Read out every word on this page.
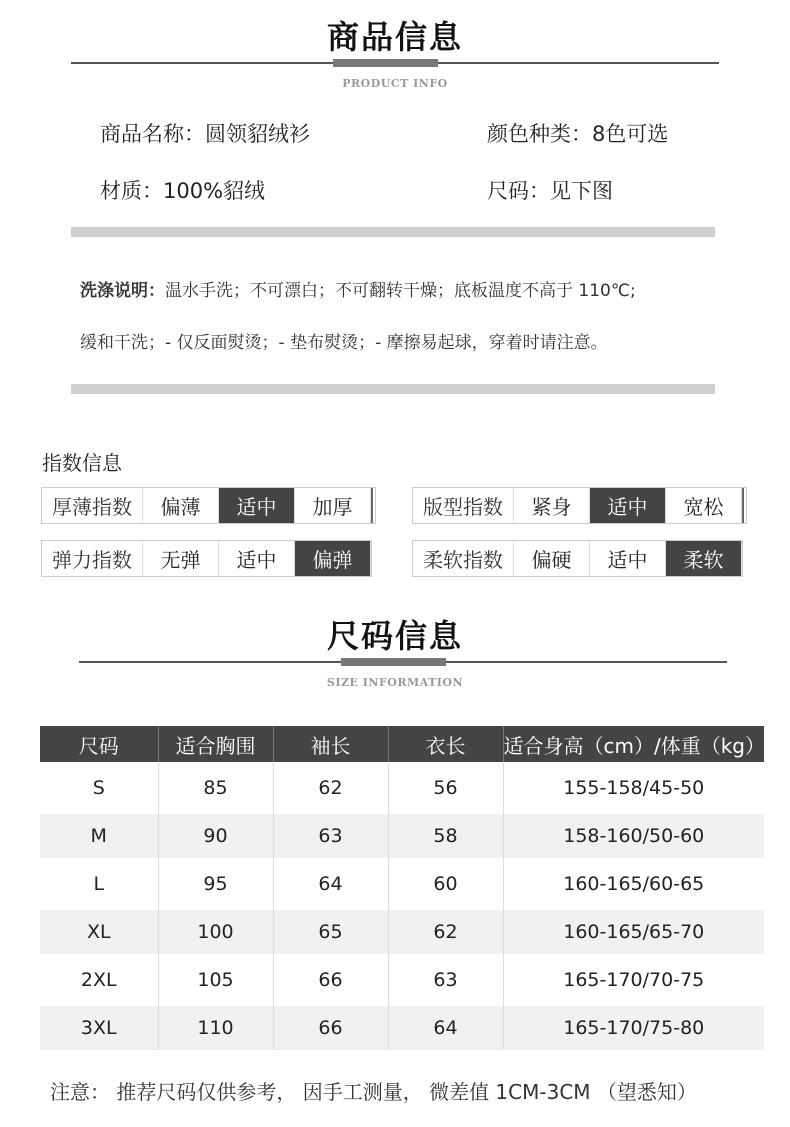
商品信息
PRODUCT INFO
商品名称：圆领貂绒衫	颜色种类：8色可选
材质：100%貂绒	尺码：见下图
洗涤说明：温水手洗；不可漂白；不可翻转干燥；底板温度不高于 110℃;
缓和干洗；- 仅反面熨烫；- 垫布熨烫；- 摩擦易起球，穿着时请注意。
指数信息
厚薄指数	偏薄	适中	加厚	版型指数	紧身	适中	宽松
弹力指数	无弹	适中	偏弹	柔软指数	偏硬	适中	柔软
尺码信息
SIZE INFORMATION
尺码	适合胸围	袖长	衣长	适合身高（cm）/体重（kg）
S	85	62	56	155-158/45-50
M	90	63	58	158-160/50-60
L	95	64	60	160-165/60-65
XL	100	65	62	160-165/65-70
2XL	105	66	63	165-170/70-75
3XL	110	66	64	165-170/75-80
注意： 推荐尺码仅供参考， 因手工测量， 微差值 1CM-3CM （望悉知）
